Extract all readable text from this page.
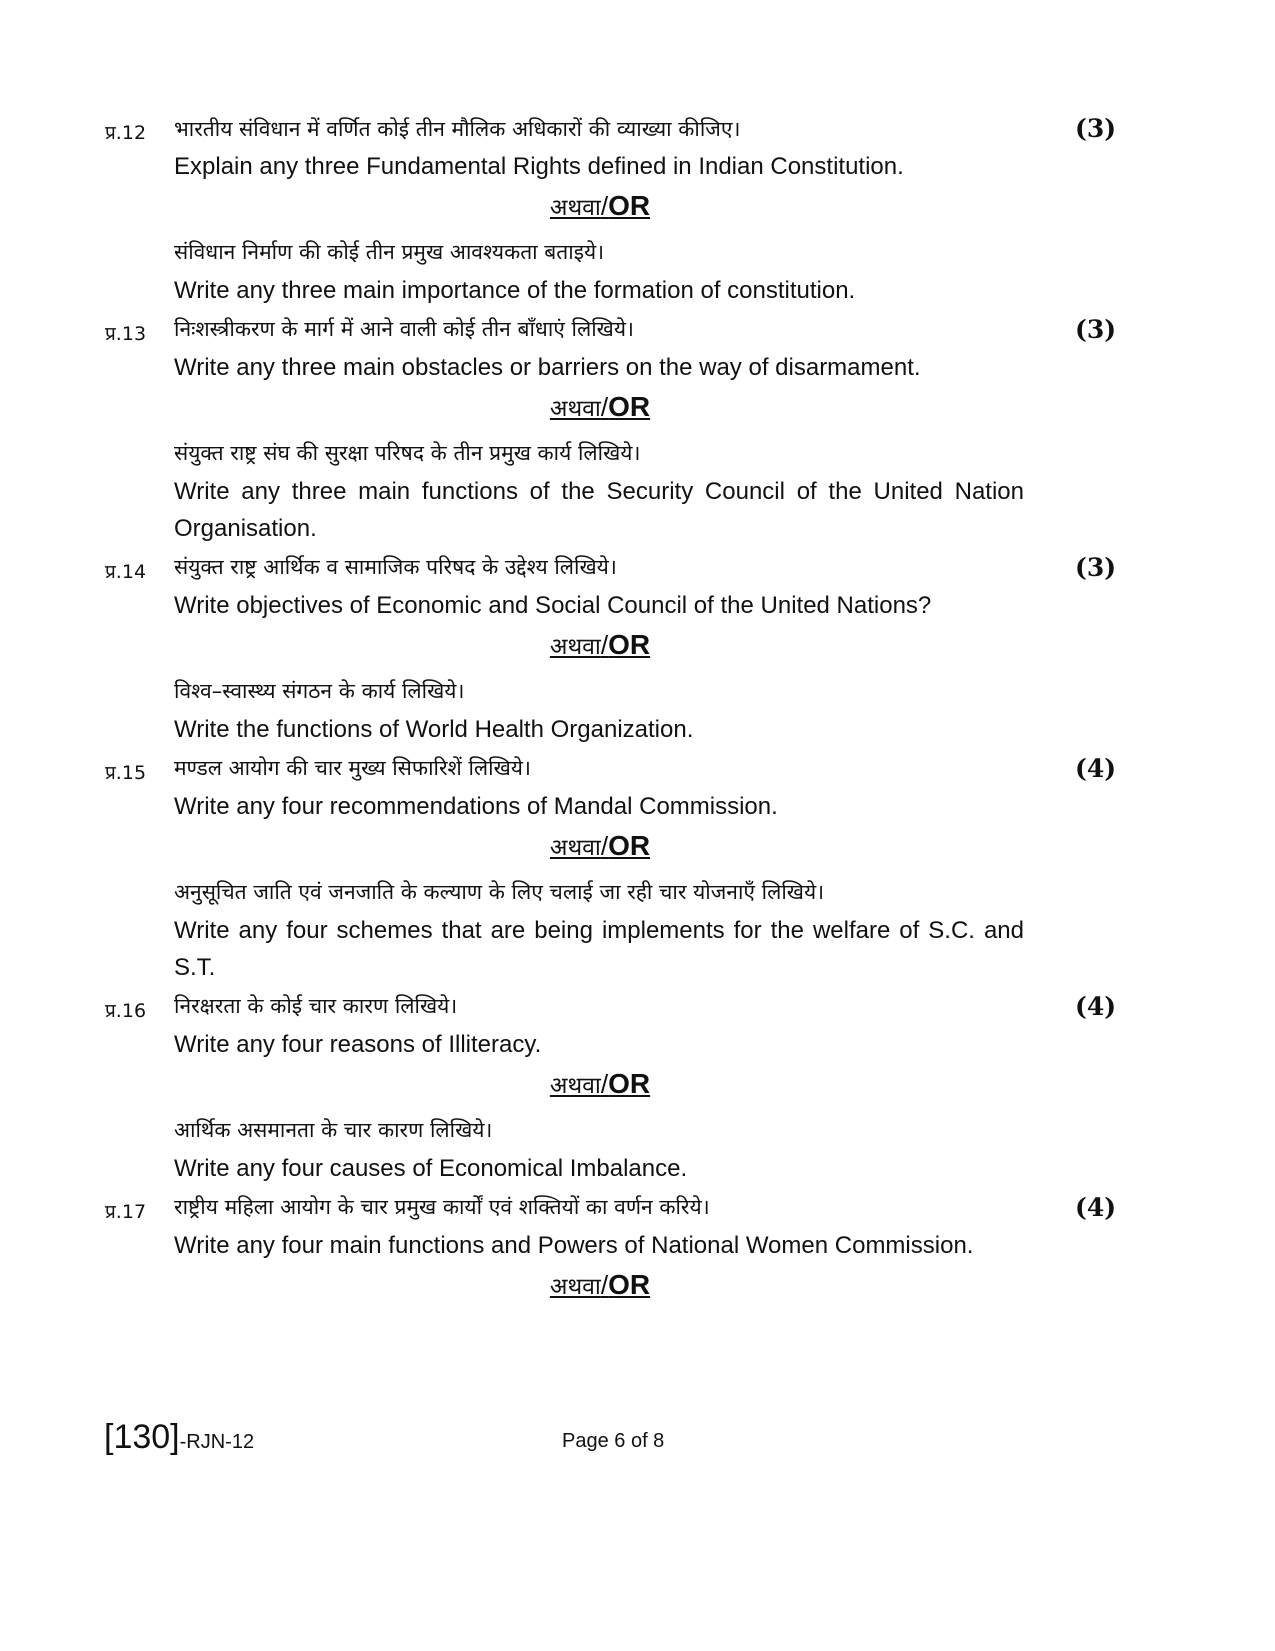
प्र.12 भारतीय संविधान में वर्णित कोई तीन मौलिक अधिकारों की व्याख्या कीजिए।	(3)
Explain any three Fundamental Rights defined in Indian Constitution.
अथवा/OR
संविधान निर्माण की कोई तीन प्रमुख आवश्यकता बताइये।
Write any three main importance of the formation of constitution.
प्र.13 निःशस्त्रीकरण के मार्ग में आने वाली कोई तीन बाँधाएं लिखिये।	(3)
Write any three main obstacles or barriers on the way of disarmament.
अथवा/OR
संयुक्त राष्ट्र संघ की सुरक्षा परिषद के तीन प्रमुख कार्य लिखिये।
Write any three main functions of the Security Council of the United Nation
Organisation.
प्र.14 संयुक्त राष्ट्र आर्थिक व सामाजिक परिषद के उद्देश्य लिखिये।	(3)
Write objectives of Economic and Social Council of the United Nations?
अथवा/OR
विश्व–स्वास्थ्य संगठन के कार्य लिखिये।
Write the functions of World Health Organization.
प्र.15 मण्डल आयोग की चार मुख्य सिफारिशें लिखिये।	(4)
Write any four recommendations of Mandal Commission.
अथवा/OR
अनुसूचित जाति एवं जनजाति के कल्याण के लिए चलाई जा रही चार योजनाएँ लिखिये।
Write any four schemes that are being implements for the welfare of S.C. and
S.T.
प्र.16 निरक्षरता के कोई चार कारण लिखिये।	(4)
Write any four reasons of Illiteracy.
अथवा/OR
आर्थिक असमानता के चार कारण लिखिये।
Write any four causes of Economical Imbalance.
प्र.17 राष्ट्रीय महिला आयोग के चार प्रमुख कार्यों एवं शक्तियों का वर्णन करिये।	(4)
Write any four main functions and Powers of National Women Commission.
अथवा/OR
[130]-RJN-12	Page 6 of 8
